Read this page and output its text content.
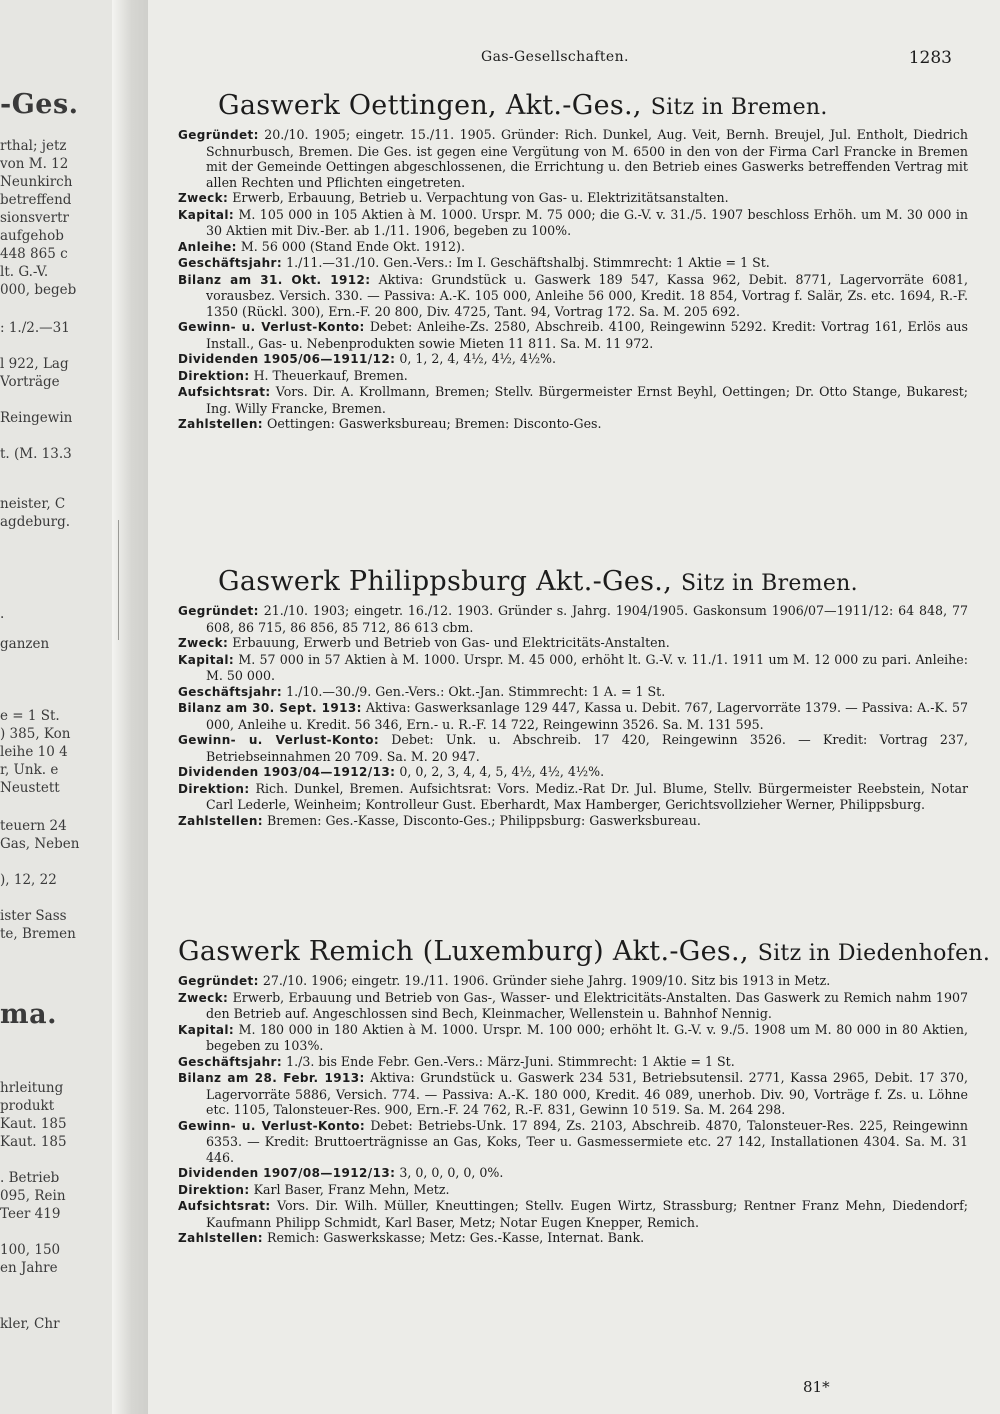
-Ges.
rthal; jetz
von M. 12
Neunkirch
betreffend
sionsvertr
aufgehob
448 865 c
lt. G.-V.
000, begeb
: 1./2.—31
l 922, Lag
Vorträge
Reingewin
t. (M. 13.3
neister, C
agdeburg.
.
ganzen
e = 1 St.
) 385, Kon
leihe 10 4
r, Unk. e
Neustett
teuern 24
Gas, Neben
), 12, 22
ister Sass
te, Bremen
ma.
hrleitung
produkt
Kaut. 185
Kaut. 185
. Betrieb
095, Rein
Teer 419
100, 150
en Jahre
kler, Chr
Gas-Gesellschaften.	1283
Gaswerk Oettingen, Akt.-Ges., Sitz in Bremen.

Gegründet: 20./10. 1905; eingetr. 15./11. 1905. Gründer: Rich. Dunkel, Aug. Veit, Bernh. Breujel, Jul. Entholt, Diedrich Schnurbusch, Bremen. Die Ges. ist gegen eine Vergütung von M. 6500 in den von der Firma Carl Francke in Bremen mit der Gemeinde Oettingen abgeschlossenen, die Errichtung u. den Betrieb eines Gaswerks betreffenden Vertrag mit allen Rechten und Pflichten eingetreten.

Zweck: Erwerb, Erbauung, Betrieb u. Verpachtung von Gas- u. Elektrizitätsanstalten.

Kapital: M. 105 000 in 105 Aktien à M. 1000. Urspr. M. 75 000; die G.-V. v. 31./5. 1907 beschloss Erhöh. um M. 30 000 in 30 Aktien mit Div.-Ber. ab 1./11. 1906, begeben zu 100%.

Anleihe: M. 56 000 (Stand Ende Okt. 1912).

Geschäftsjahr: 1./11.—31./10. Gen.-Vers.: Im I. Geschäftshalbj. Stimmrecht: 1 Aktie = 1 St.

Bilanz am 31. Okt. 1912: Aktiva: Grundstück u. Gaswerk 189 547, Kassa 962, Debit. 8771, Lagervorräte 6081, vorausbez. Versich. 330. — Passiva: A.-K. 105 000, Anleihe 56 000, Kredit. 18 854, Vortrag f. Salär, Zs. etc. 1694, R.-F. 1350 (Rückl. 300), Ern.-F. 20 800, Div. 4725, Tant. 94, Vortrag 172. Sa. M. 205 692.

Gewinn- u. Verlust-Konto: Debet: Anleihe-Zs. 2580, Abschreib. 4100, Reingewinn 5292. Kredit: Vortrag 161, Erlös aus Install., Gas- u. Nebenprodukten sowie Mieten 11 811. Sa. M. 11 972.

Dividenden 1905/06—1911/12: 0, 1, 2, 4, 4½, 4½, 4½%.

Direktion: H. Theuerkauf, Bremen.

Aufsichtsrat: Vors. Dir. A. Krollmann, Bremen; Stellv. Bürgermeister Ernst Beyhl, Oettingen; Dr. Otto Stange, Bukarest; Ing. Willy Francke, Bremen.

Zahlstellen: Oettingen: Gaswerksbureau; Bremen: Disconto-Ges.

Gaswerk Philippsburg Akt.-Ges., Sitz in Bremen.

Gegründet: 21./10. 1903; eingetr. 16./12. 1903. Gründer s. Jahrg. 1904/1905. Gaskonsum 1906/07—1911/12: 64 848, 77 608, 86 715, 86 856, 85 712, 86 613 cbm.

Zweck: Erbauung, Erwerb und Betrieb von Gas- und Elektricitäts-Anstalten.

Kapital: M. 57 000 in 57 Aktien à M. 1000. Urspr. M. 45 000, erhöht lt. G.-V. v. 11./1. 1911 um M. 12 000 zu pari. Anleihe: M. 50 000.

Geschäftsjahr: 1./10.—30./9. Gen.-Vers.: Okt.-Jan. Stimmrecht: 1 A. = 1 St.

Bilanz am 30. Sept. 1913: Aktiva: Gaswerksanlage 129 447, Kassa u. Debit. 767, Lagervorräte 1379. — Passiva: A.-K. 57 000, Anleihe u. Kredit. 56 346, Ern.- u. R.-F. 14 722, Reingewinn 3526. Sa. M. 131 595.

Gewinn- u. Verlust-Konto: Debet: Unk. u. Abschreib. 17 420, Reingewinn 3526. — Kredit: Vortrag 237, Betriebseinnahmen 20 709. Sa. M. 20 947.

Dividenden 1903/04—1912/13: 0, 0, 2, 3, 4, 4, 5, 4½, 4½, 4½%.

Direktion: Rich. Dunkel, Bremen. Aufsichtsrat: Vors. Mediz.-Rat Dr. Jul. Blume, Stellv. Bürgermeister Reebstein, Notar Carl Lederle, Weinheim; Kontrolleur Gust. Eberhardt, Max Hamberger, Gerichtsvollzieher Werner, Philippsburg.

Zahlstellen: Bremen: Ges.-Kasse, Disconto-Ges.; Philippsburg: Gaswerksbureau.

Gaswerk Remich (Luxemburg) Akt.-Ges., Sitz in Diedenhofen.

Gegründet: 27./10. 1906; eingetr. 19./11. 1906. Gründer siehe Jahrg. 1909/10. Sitz bis 1913 in Metz.

Zweck: Erwerb, Erbauung und Betrieb von Gas-, Wasser- und Elektricitäts-Anstalten. Das Gaswerk zu Remich nahm 1907 den Betrieb auf. Angeschlossen sind Bech, Kleinmacher, Wellenstein u. Bahnhof Nennig.

Kapital: M. 180 000 in 180 Aktien à M. 1000. Urspr. M. 100 000; erhöht lt. G.-V. v. 9./5. 1908 um M. 80 000 in 80 Aktien, begeben zu 103%.

Geschäftsjahr: 1./3. bis Ende Febr. Gen.-Vers.: März-Juni. Stimmrecht: 1 Aktie = 1 St.

Bilanz am 28. Febr. 1913: Aktiva: Grundstück u. Gaswerk 234 531, Betriebsutensil. 2771, Kassa 2965, Debit. 17 370, Lagervorräte 5886, Versich. 774. — Passiva: A.-K. 180 000, Kredit. 46 089, unerhob. Div. 90, Vorträge f. Zs. u. Löhne etc. 1105, Talonsteuer-Res. 900, Ern.-F. 24 762, R.-F. 831, Gewinn 10 519. Sa. M. 264 298.

Gewinn- u. Verlust-Konto: Debet: Betriebs-Unk. 17 894, Zs. 2103, Abschreib. 4870, Talonsteuer-Res. 225, Reingewinn 6353. — Kredit: Bruttoerträgnisse an Gas, Koks, Teer u. Gasmessermiete etc. 27 142, Installationen 4304. Sa. M. 31 446.

Dividenden 1907/08—1912/13: 3, 0, 0, 0, 0, 0%.

Direktion: Karl Baser, Franz Mehn, Metz.

Aufsichtsrat: Vors. Dir. Wilh. Müller, Kneuttingen; Stellv. Eugen Wirtz, Strassburg; Rentner Franz Mehn, Diedendorf; Kaufmann Philipp Schmidt, Karl Baser, Metz; Notar Eugen Knepper, Remich.

Zahlstellen: Remich: Gaswerkskasse; Metz: Ges.-Kasse, Internat. Bank.

81*
